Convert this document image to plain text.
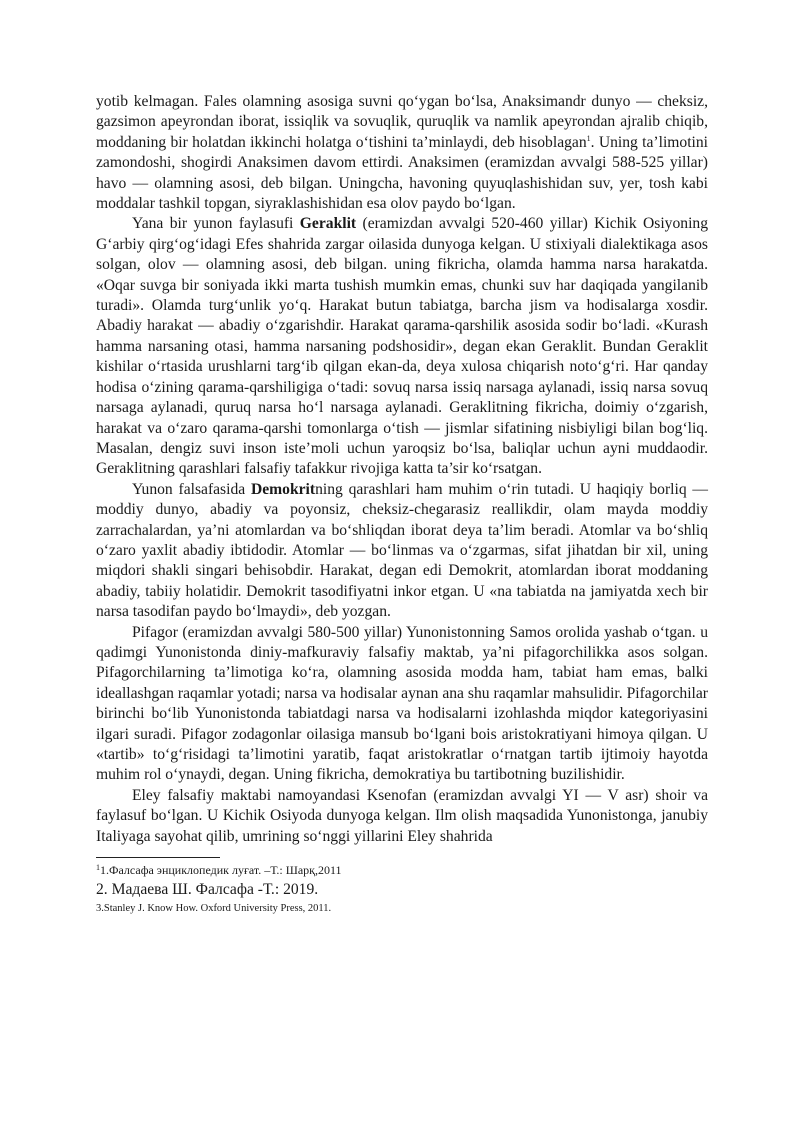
yotib kelmagan. Fales olamning asosiga suvni qo‘ygan bo‘lsa, Anaksimandr dunyo — cheksiz, gazsimon apeyrondan iborat, issiqlik va sovuqlik, quruqlik va namlik apeyrondan ajralib chiqib, moddaning bir holatdan ikkinchi holatga o‘tishini ta’minlaydi, deb hisoblagan$^1$. Uning ta’limotini zamondoshi, shogirdi Anaksimen davom ettirdi. Anaksimen (eramizdan avvalgi 588-525 yillar) havo — olamning asosi, deb bilgan. Uningcha, havoning quyuqlashishidan suv, yer, tosh kabi moddalar tashkil topgan, siyraklashishidan esa olov paydo bo‘lgan.

Yana bir yunon faylasufi Geraklit (eramizdan avvalgi 520-460 yillar) Kichik Osiyoning G‘arbiy qirg‘og‘idagi Efes shahrida zargar oilasida dunyoga kelgan. U stixiyali dialektikaga asos solgan, olov — olamning asosi, deb bilgan. uning fikricha, olamda hamma narsa harakatda. «Oqar suvga bir soniyada ikki marta tushish mumkin emas, chunki suv har daqiqada yangilanib turadi». Olamda turg‘unlik yo‘q. Harakat butun tabiatga, barcha jism va hodisalarga xosdir. Abadiy harakat — abadiy o‘zgarishdir. Harakat qarama-qarshilik asosida sodir bo‘ladi. «Kurash hamma narsaning otasi, hamma narsaning podshosidir», degan ekan Geraklit. Bundan Geraklit kishilar o‘rtasida urushlarni targ‘ib qilgan ekan-da, deya xulosa chiqarish noto‘g‘ri. Har qanday hodisa o‘zining qarama-qarshiligiga o‘tadi: sovuq narsa issiq narsaga aylanadi, issiq narsa sovuq narsaga aylanadi, quruq narsa ho‘l narsaga aylanadi. Geraklitning fikricha, doimiy o‘zgarish, harakat va o‘zaro qarama-qarshi tomonlarga o‘tish — jismlar sifatining nisbiyligi bilan bog‘liq. Masalan, dengiz suvi inson iste’moli uchun yaroqsiz bo‘lsa, baliqlar uchun ayni muddaodir. Geraklitning qarashlari falsafiy tafakkur rivojiga katta ta’sir ko‘rsatgan.

Yunon falsafasida Demokritning qarashlari ham muhim o‘rin tutadi. U haqiqiy borliq — moddiy dunyo, abadiy va poyonsiz, cheksiz-chegarasiz reallikdir, olam mayda moddiy zarrachalardan, ya’ni atomlardan va bo‘shliqdan iborat deya ta’lim beradi. Atomlar va bo‘shliq o‘zaro yaxlit abadiy ibtidodir. Atomlar — bo‘linmas va o‘zgarmas, sifat jihatdan bir xil, uning miqdori shakli singari behisobdir. Harakat, degan edi Demokrit, atomlardan iborat moddaning abadiy, tabiiy holatidir. Demokrit tasodifiyatni inkor etgan. U «na tabiatda na jamiyatda xech bir narsa tasodifan paydo bo‘lmaydi», deb yozgan.

Pifagor (eramizdan avvalgi 580-500 yillar) Yunonistonning Samos orolida yashab o‘tgan. u qadimgi Yunonistonda diniy-mafkuraviy falsafiy maktab, ya’ni pifagorchilikka asos solgan. Pifagorchilarning ta’limotiga ko‘ra, olamning asosida modda ham, tabiat ham emas, balki ideallashgan raqamlar yotadi; narsa va hodisalar aynan ana shu raqamlar mahsulidir. Pifagorchilar birinchi bo‘lib Yunonistonda tabiatdagi narsa va hodisalarni izohlashda miqdor kategoriyasini ilgari suradi. Pifagor zodagonlar oilasiga mansub bo‘lgani bois aristokratiyani himoya qilgan. U «tartib» to‘g‘risidagi ta’limotini yaratib, faqat aristokratlar o‘rnatgan tartib ijtimoiy hayotda muhim rol o‘ynaydi, degan. Uning fikricha, demokratiya bu tartibotning buzilishidir.

Eley falsafiy maktabi namoyandasi Ksenofan (eramizdan avvalgi YI — V asr) shoir va faylasuf bo‘lgan. U Kichik Osiyoda dunyoga kelgan. Ilm olish maqsadida Yunonistonga, janubiy Italiyaga sayohat qilib, umrining so‘nggi yillarini Eley shahrida

$^1$1.Фалсафа энциклопедик луғат. –Т.: Шарқ,2011

2. Мадаева Ш. Фалсафа -Т.: 2019.

3.Stanley J. Know How. Oxford University Press, 2011.
